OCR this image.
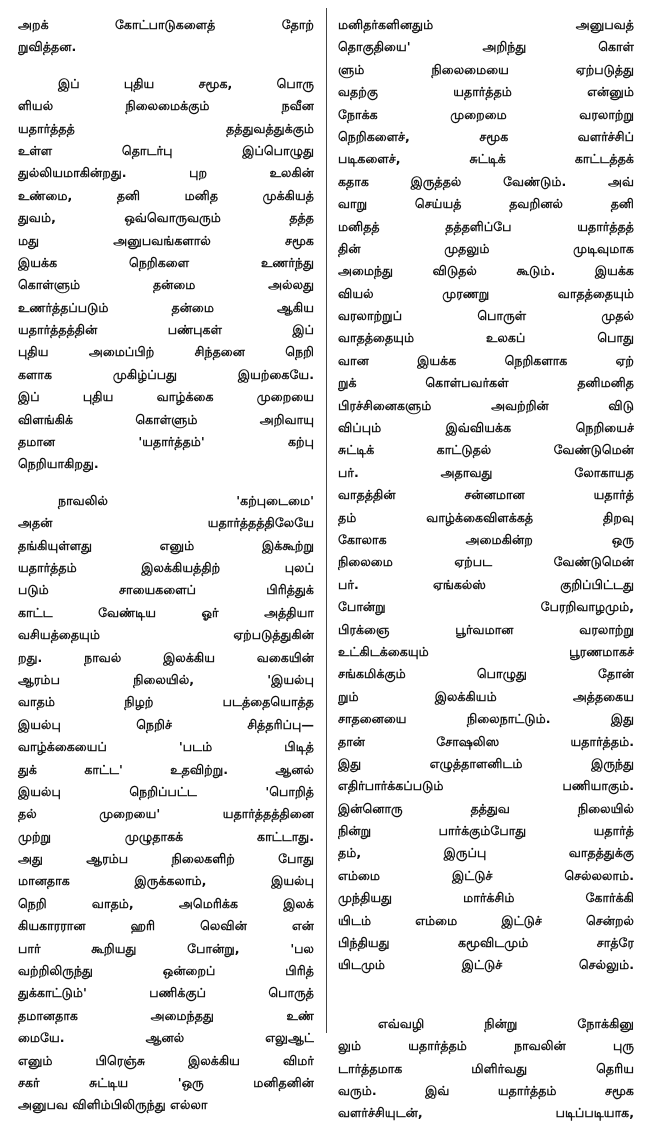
அறக் கோட்பாடுகளைத் தோற்
றுவித்தன.
இப் புதிய சமூக, பொரு
ளியல் நிலைமைக்கும் நவீன
யதார்த்தத் தத்துவத்துக்கும்
உள்ள தொடர்பு இப்பொழுது
துல்லியமாகின்றது. புற உலகின்
உண்மை, தனி மனித முக்கியத்
துவம், ஒவ்வொருவரும் தத்த
மது அனுபவங்களால் சமூக
இயக்க நெறிகளை உணர்ந்து
கொள்ளும் தன்மை அல்லது
உணர்த்தப்படும் தன்மை ஆகிய
யதார்த்தத்தின் பண்புகள் இப்
புதிய அமைப்பிற் சிந்தனை நெறி
களாக முகிழ்ப்பது இயற்கையே.
இப் புதிய வாழ்க்கை முறையை
விளங்கிக் கொள்ளும் அறிவாயு
தமான 'யதார்த்தம்' கற்பு
நெறியாகிறது.
நாவலில் 'கற்புடைமை'
அதன் யதார்த்தத்திலேயே
தங்கியுள்ளது எனும் இக்கூற்று
யதார்த்தம் இலக்கியத்திற் புலப்
படும் சாயைகளைப் பிரித்துக்
காட்ட வேண்டிய ஓர் அத்தியா
வசியத்தையும் ஏற்படுத்துகின்
றது. நாவல் இலக்கிய வகையின்
ஆரம்ப நிலையில், 'இயல்பு
வாதம் நிழற் படத்தையொத்த
இயல்பு நெறிச் சித்தரிப்பு—
வாழ்க்கையைப் 'படம் பிடித்
துக் காட்ட' உதவிற்று. ஆனல்
இயல்பு நெறிப்பட்ட 'பொறித்
தல் முறையை' யதார்த்தத்தினை
முற்று முழுதாகக் காட்டாது.
அது ஆரம்ப நிலைகளிற் போது
மானதாக இருக்கலாம், இயல்பு
நெறி வாதம், அமெரிக்க இலக்
கியகாரரான ஹரி லெவின் என்
பார் கூறியது போன்று, 'பல
வற்றிலிருந்து ஒன்றைப் பிரித்
துக்காட்டும்' பணிக்குப் பொருத்
தமானதாக அமைந்தது உண்
மையே. ஆனல் எலுஆட்
எனும் பிரெஞ்சு இலக்கிய விமர்
சகர் சுட்டிய 'ஒரு மனிதனின்
அனுபவ விளிம்பிலிருந்து எல்லா
மனிதர்களினதும் அனுபவத்
தொகுதியை' அறிந்து கொள்
ளும் நிலைமையை ஏற்படுத்து
வதற்கு யதார்த்தம் என்னும்
நோக்க முறைமை வரலாற்று
நெறிகளைச், சமூக வளர்ச்சிப்
படிகளைச், சுட்டிக் காட்டத்தக்
கதாக இருத்தல் வேண்டும். அவ்
வாறு செய்யத் தவறினல் தனி
மனிதத் தத்தளிப்பே யதார்த்தத்
தின் முதலும் முடிவுமாக
அமைந்து விடுதல் கூடும். இயக்க
வியல் முரணறு வாதத்தையும்
வரலாற்றுப் பொருள் முதல்
வாதத்தையும் உலகப் பொது
வான இயக்க நெறிகளாக ஏற்
றுக் கொள்பவர்கள் தனிமனித
பிரச்சினைகளும் அவற்றின் விடு
விப்பும் இவ்வியக்க நெறியைச்
சுட்டிக் காட்டுதல் வேண்டுமென்
பர். அதாவது லோகாயத
வாதத்தின் சன்னமான யதார்த்
தம் வாழ்க்கைவிளக்கத் திறவு
கோலாக அமைகின்ற ஒரு
நிலைமை ஏற்பட வேண்டுமென்
பர். ஏங்கல்ஸ் குறிப்பிட்டது
போன்று பேரறிவாழமும்,
பிரக்ஞை பூர்வமான வரலாற்று
உட்கிடக்கையும் பூரணமாகச்
சங்கமிக்கும் பொழுது தோன்
றும் இலக்கியம் அத்தகைய
சாதனையை நிலைநாட்டும். இது
தான் சோஷலிஸ யதார்த்தம்.
இது எழுத்தாளனிடம் இருந்து
எதிர்பார்க்கப்படும் பணியாகும்.
இன்னொரு தத்துவ நிலையில்
நின்று பார்க்கும்போது யதார்த்
தம், இருப்பு வாதத்துக்கு
எம்மை இட்டுச் செல்லலாம்.
முந்தியது மார்க்சிம் கோர்க்கி
யிடம் எம்மை இட்டுச் சென்றல்
பிந்தியது கமூவிடமும் சாத்ரே
யிடமும் இட்டுச் செல்லும்.
எவ்வழி நின்று நோக்கினு
லும் யதார்த்தம் நாவலின் புரு
டார்த்தமாக மிளிர்வது தெரிய
வரும். இவ் யதார்த்தம் சமூக
வளர்ச்சியுடன், படிப்படியாக,
